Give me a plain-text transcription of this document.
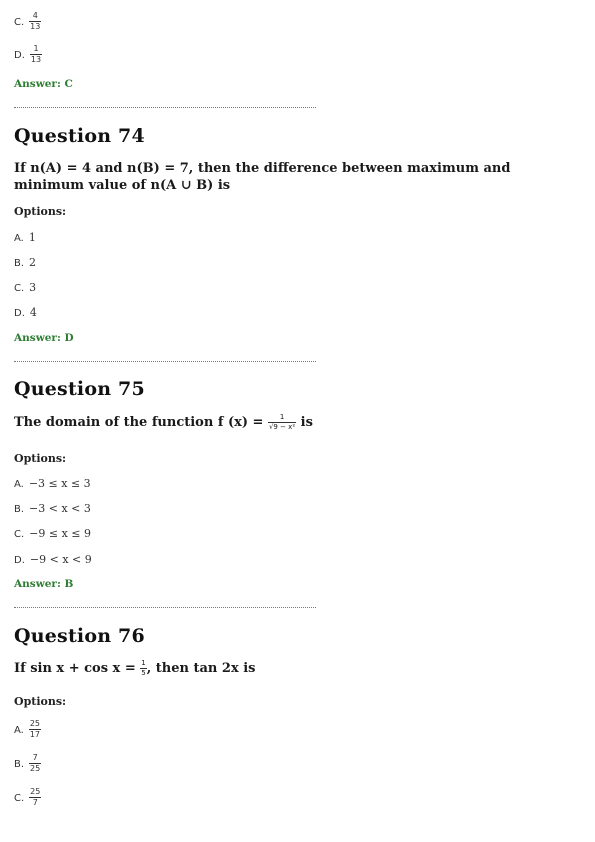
C. $\frac{4}{13}$
D. $\frac{1}{13}$
Answer: C
Question 74
If n(A) = 4 and n(B) = 7, then the difference between maximum and
minimum value of n(A ∪ B) is
Options:
A. 1
B. 2
C. 3
D. 4
Answer: D
Question 75
The domain of the function f $(x) = \frac{1}{\text{√9 − x²}}$ is
Options:
A. −3 ≤ x ≤ 3
B. −3 < x < 3
C. −9 ≤ x ≤ 9
D. −9 < x < 9
Answer: B
Question 76
If $\sin x + \cos x = \frac{1}{5}$ , then tan 2x is
Options:
A. $\frac{25}{17}$
B. $\frac{7}{25}$
C. $\frac{25}{7}$
